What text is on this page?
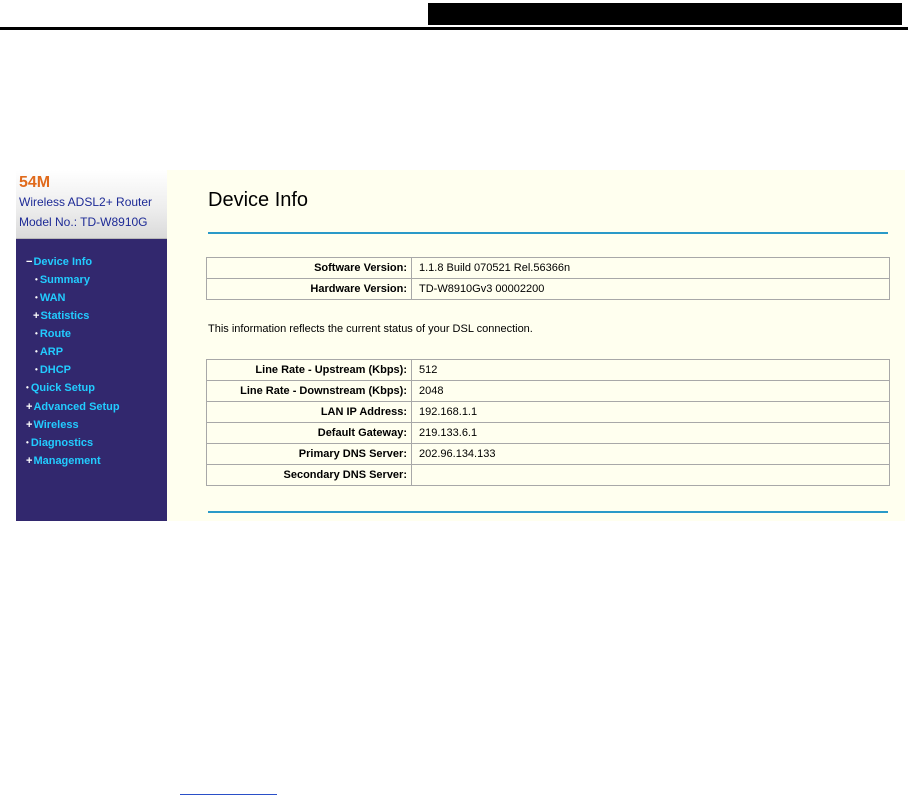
54M
Wireless ADSL2+ Router
Model No.: TD-W8910G
−Device Info
• Summary
• WAN
+Statistics
• Route
• ARP
• DHCP
• Quick Setup
+Advanced Setup
+Wireless
• Diagnostics
+Management
Device Info
Software Version:	1.1.8 Build 070521 Rel.56366n
Hardware Version:	TD-W8910Gv3 00002200
This information reflects the current status of your DSL connection.
Line Rate - Upstream (Kbps):	512
Line Rate - Downstream (Kbps):	2048
LAN IP Address:	192.168.1.1
Default Gateway:	219.133.6.1
Primary DNS Server:	202.96.134.133
Secondary DNS Server:	
